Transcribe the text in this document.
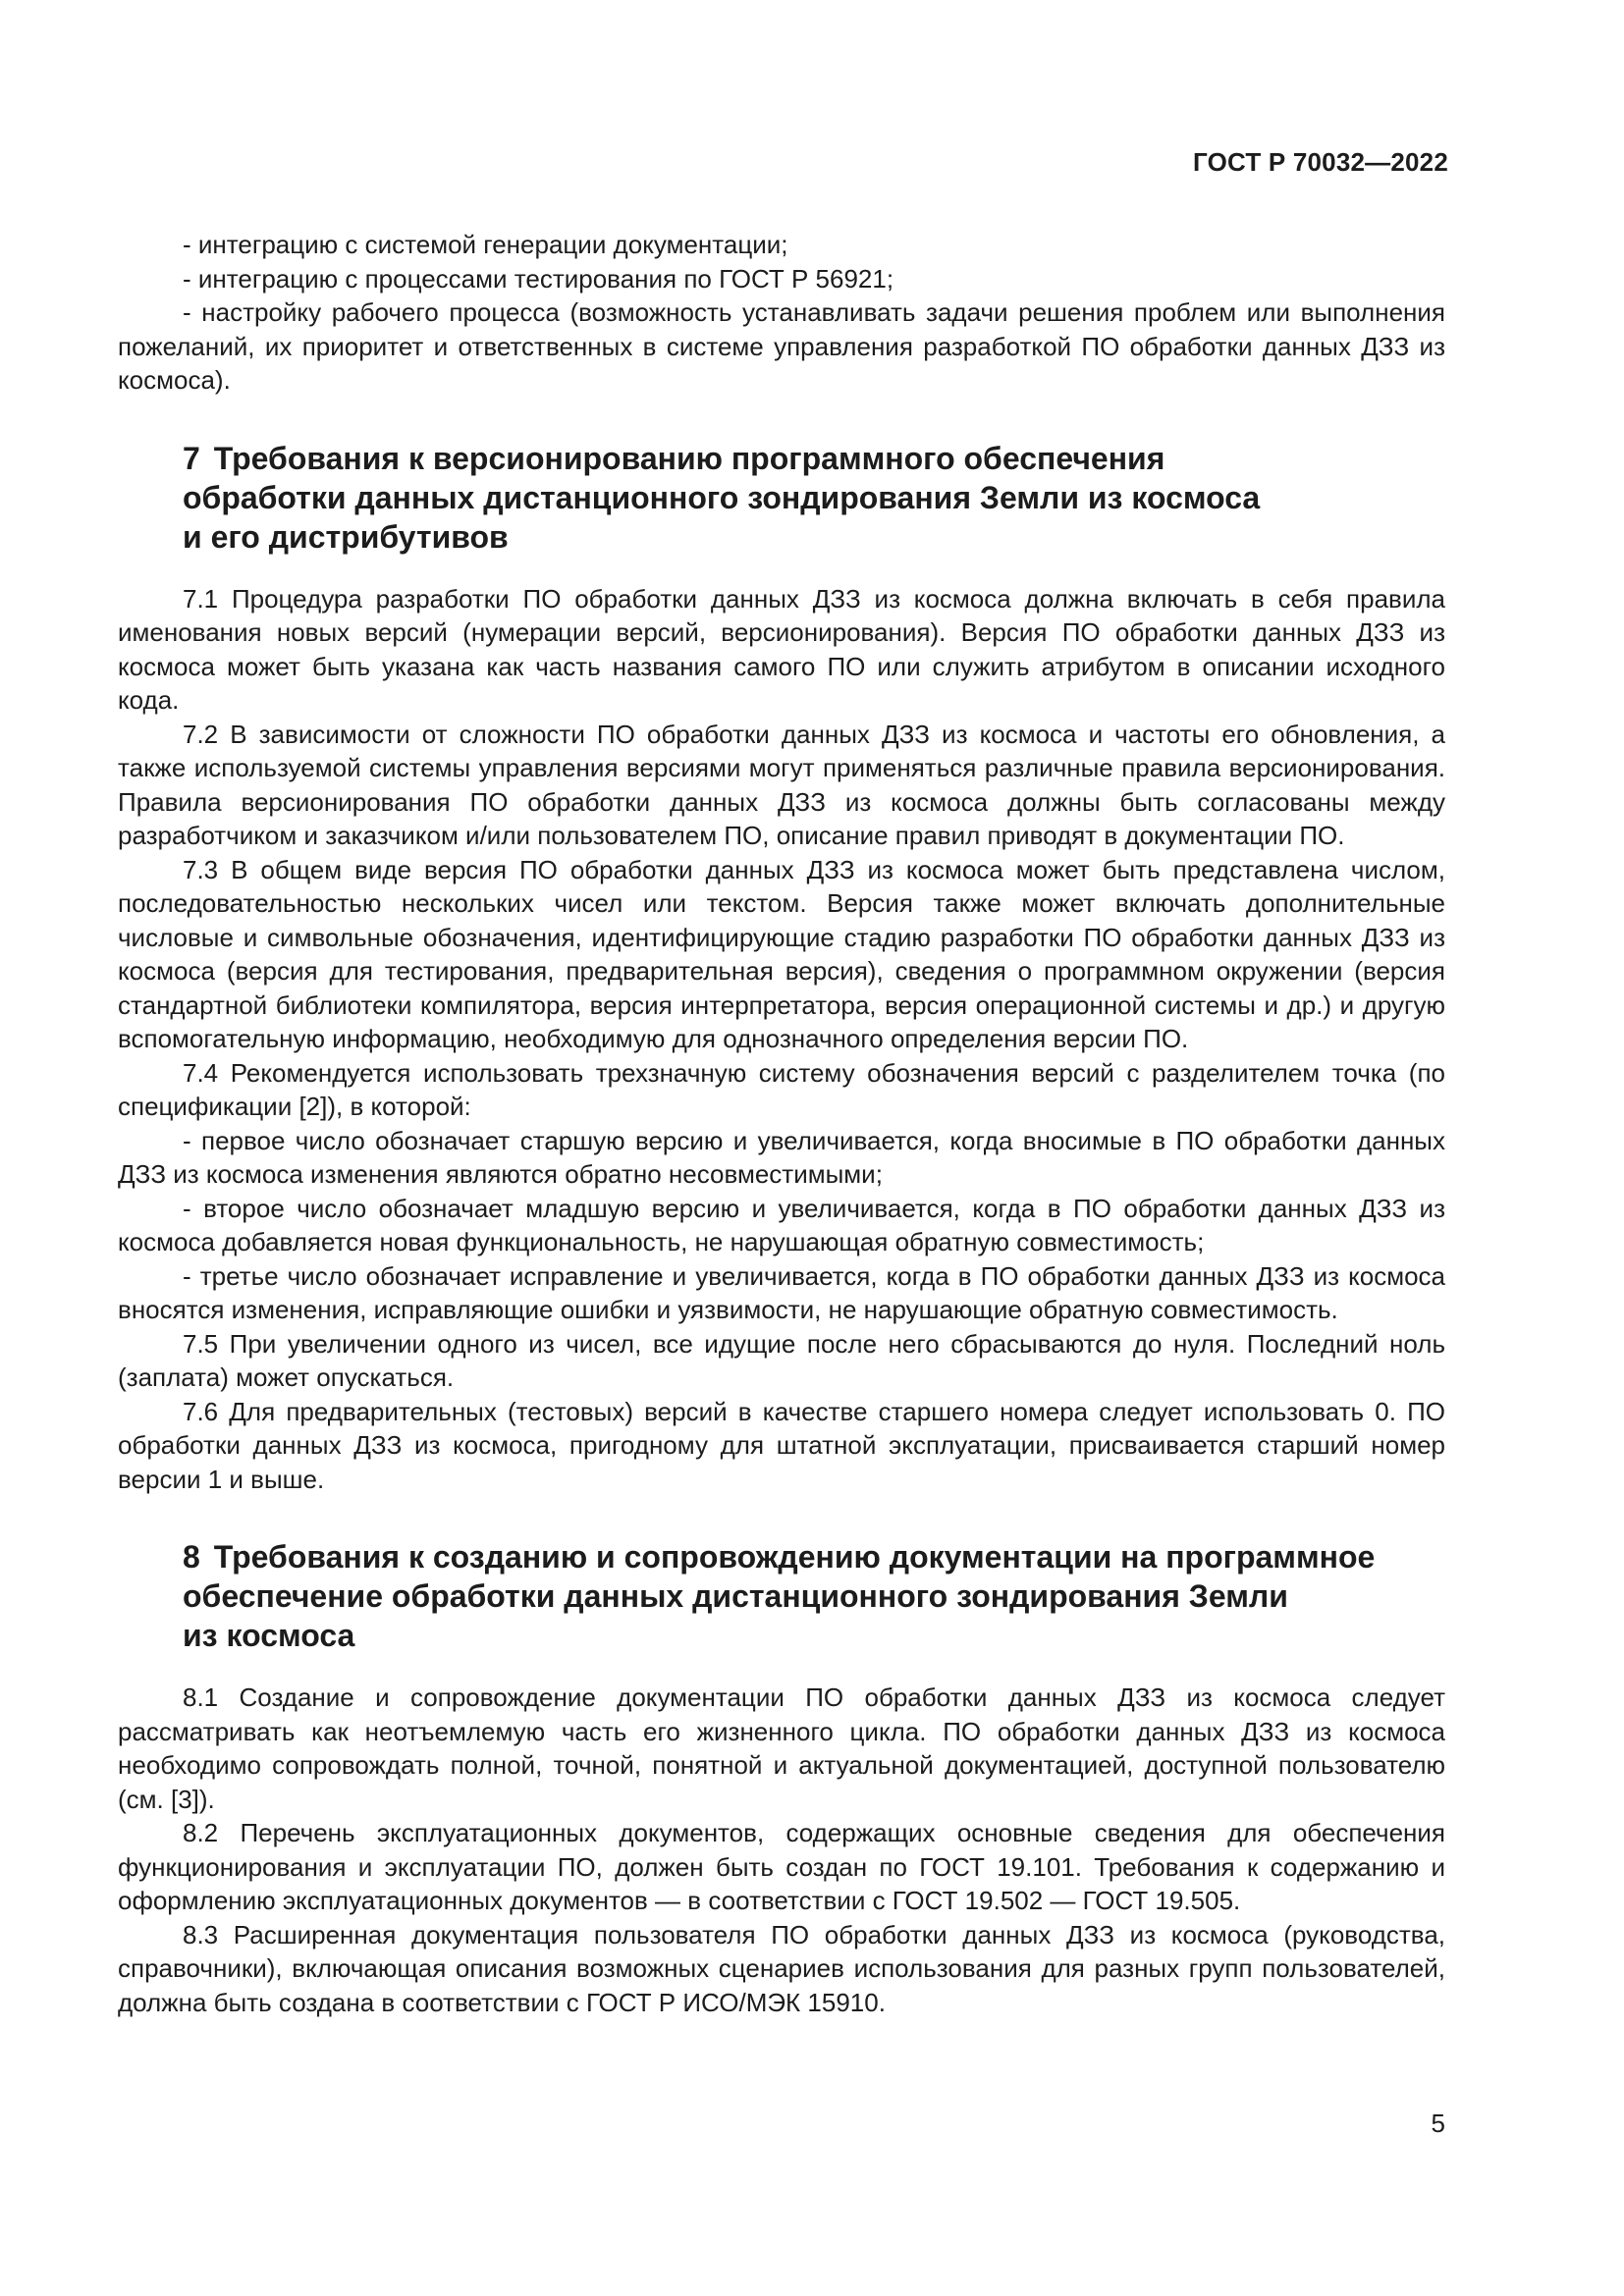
ГОСТ Р 70032—2022

- интеграцию с системой генерации документации;

- интеграцию с процессами тестирования по ГОСТ Р 56921;

- настройку рабочего процесса (возможность устанавливать задачи решения проблем или выполнения пожеланий, их приоритет и ответственных в системе управления разработкой ПО обработки данных ДЗЗ из космоса).

7 Требования к версионированию программного обеспечения
обработки данных дистанционного зондирования Земли из космоса
и его дистрибутивов

7.1 Процедура разработки ПО обработки данных ДЗЗ из космоса должна включать в себя правила именования новых версий (нумерации версий, версионирования). Версия ПО обработки данных ДЗЗ из космоса может быть указана как часть названия самого ПО или служить атрибутом в описании исходного кода.

7.2 В зависимости от сложности ПО обработки данных ДЗЗ из космоса и частоты его обновления, а также используемой системы управления версиями могут применяться различные правила версионирования. Правила версионирования ПО обработки данных ДЗЗ из космоса должны быть согласованы между разработчиком и заказчиком и/или пользователем ПО, описание правил приводят в документации ПО.

7.3 В общем виде версия ПО обработки данных ДЗЗ из космоса может быть представлена числом, последовательностью нескольких чисел или текстом. Версия также может включать дополнительные числовые и символьные обозначения, идентифицирующие стадию разработки ПО обработки данных ДЗЗ из космоса (версия для тестирования, предварительная версия), сведения о программном окружении (версия стандартной библиотеки компилятора, версия интерпретатора, версия операционной системы и др.) и другую вспомогательную информацию, необходимую для однозначного определения версии ПО.

7.4 Рекомендуется использовать трехзначную систему обозначения версий с разделителем точка (по спецификации [2]), в которой:

- первое число обозначает старшую версию и увеличивается, когда вносимые в ПО обработки данных ДЗЗ из космоса изменения являются обратно несовместимыми;

- второе число обозначает младшую версию и увеличивается, когда в ПО обработки данных ДЗЗ из космоса добавляется новая функциональность, не нарушающая обратную совместимость;

- третье число обозначает исправление и увеличивается, когда в ПО обработки данных ДЗЗ из космоса вносятся изменения, исправляющие ошибки и уязвимости, не нарушающие обратную совместимость.

7.5 При увеличении одного из чисел, все идущие после него сбрасываются до нуля. Последний ноль (заплата) может опускаться.

7.6 Для предварительных (тестовых) версий в качестве старшего номера следует использовать 0. ПО обработки данных ДЗЗ из космоса, пригодному для штатной эксплуатации, присваивается старший номер версии 1 и выше.

8 Требования к созданию и сопровождению документации на программное
обеспечение обработки данных дистанционного зондирования Земли
из космоса

8.1 Создание и сопровождение документации ПО обработки данных ДЗЗ из космоса следует рассматривать как неотъемлемую часть его жизненного цикла. ПО обработки данных ДЗЗ из космоса необходимо сопровождать полной, точной, понятной и актуальной документацией, доступной пользователю (см. [3]).

8.2 Перечень эксплуатационных документов, содержащих основные сведения для обеспечения функционирования и эксплуатации ПО, должен быть создан по ГОСТ 19.101. Требования к содержанию и оформлению эксплуатационных документов — в соответствии с ГОСТ 19.502 — ГОСТ 19.505.

8.3 Расширенная документация пользователя ПО обработки данных ДЗЗ из космоса (руководства, справочники), включающая описания возможных сценариев использования для разных групп пользователей, должна быть создана в соответствии с ГОСТ Р ИСО/МЭК 15910.

5
